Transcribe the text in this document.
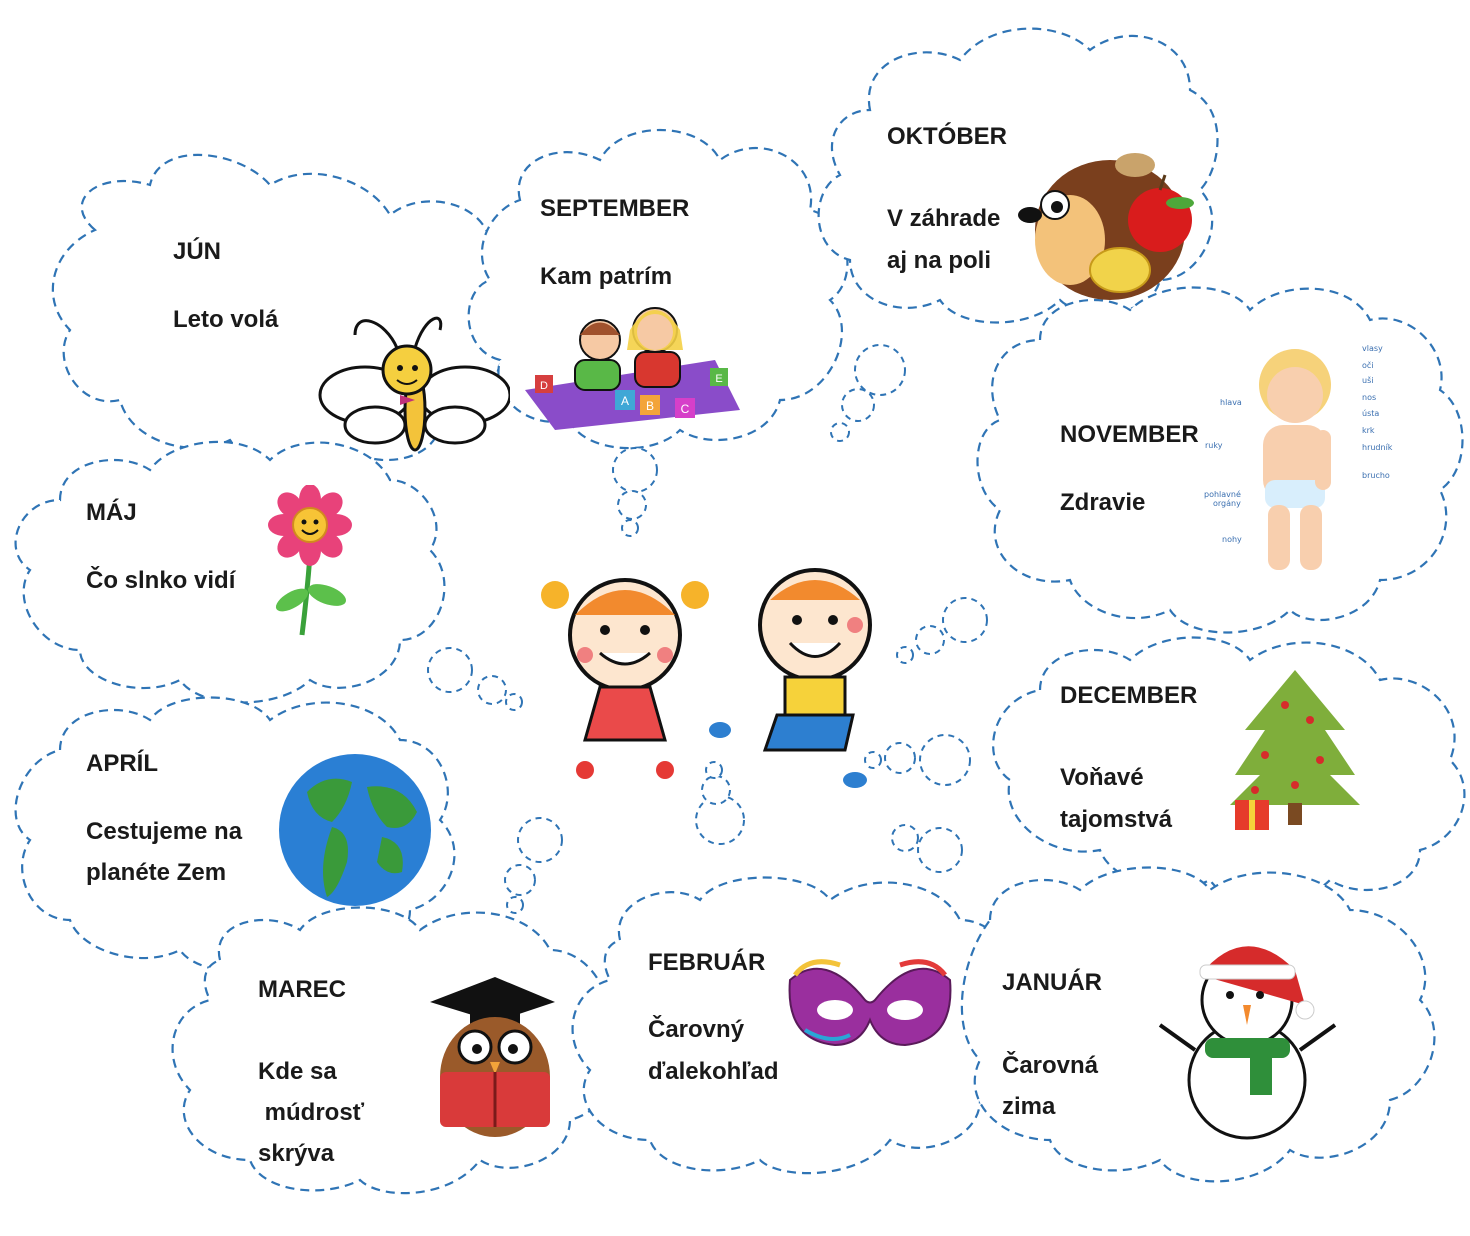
D
A B C
E
vlasy
oči
uši
nos
ústa
krk
hrudník
brucho
hlava
ruky
pohlavné
orgány
nohy
JÚN
Leto volá
SEPTEMBER
Kam patrím
OKTÓBER
V záhrade
aj na poli
MÁJ
Čo slnko vidí
NOVEMBER
Zdravie
APRÍL
Cestujeme na
planéte Zem
DECEMBER
Voňavé
tajomstvá
MAREC
Kde sa
múdrosť
skrýva
FEBRUÁR
Čarovný
ďalekohľad
JANUÁR
Čarovná
zima
